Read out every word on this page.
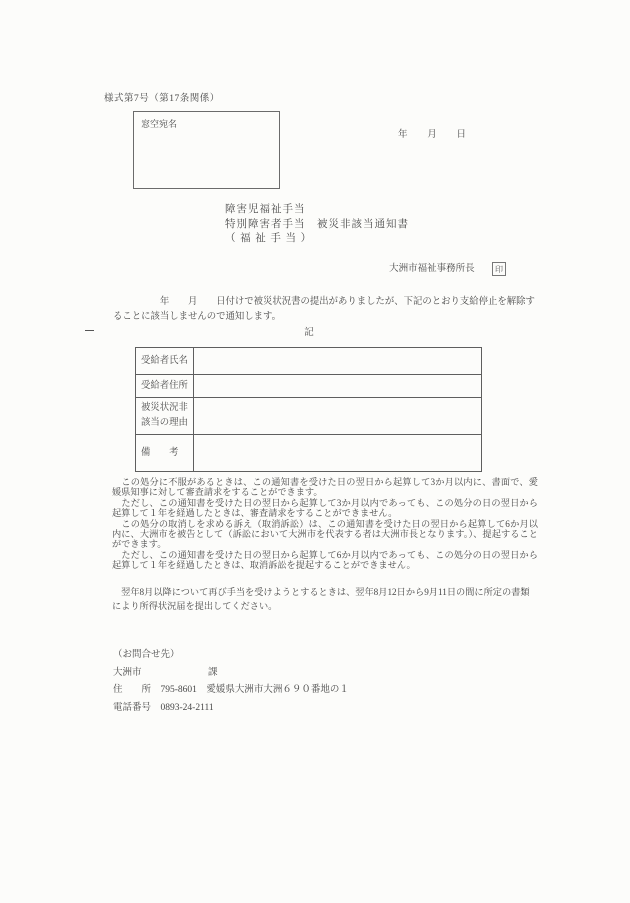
様式第7号（第17条関係）
窓空宛名
年 月 日
障害児福祉手当
特別障害者手当　被災非該当通知書
（ 福 祉 手 当 ）
大洲市福祉事務所長	印

　　　　　年　　月　　日付けで被災状況書の提出がありましたが、下記のとおり支給停止を解除することに該当しませんので通知します。

記
受給者氏名	
受給者住所	
被災状況非該当の理由	
備　　考	

　この処分に不服があるときは、この通知書を受けた日の翌日から起算して3か月以内に、書面で、愛媛県知事に対して審査請求をすることができます。

　ただし、この通知書を受けた日の翌日から起算して3か月以内であっても、この処分の日の翌日から起算して１年を経過したときは、審査請求をすることができません。

　この処分の取消しを求める訴え（取消訴訟）は、この通知書を受けた日の翌日から起算して6か月以内に、大洲市を被告として（訴訟において大洲市を代表する者は大洲市長となります。）、提起することができます。

　ただし、この通知書を受けた日の翌日から起算して6か月以内であっても、この処分の日の翌日から起算して１年を経過したときは、取消訴訟を提起することができません。

　翌年8月以降について再び手当を受けようとするときは、翌年8月12日から9月11日の間に所定の書類により所得状況届を提出してください。

（お問合せ先）
大洲市　　　　　　　課
住　　所　795-8601　愛媛県大洲市大洲６９０番地の１
電話番号　0893-24-2111
